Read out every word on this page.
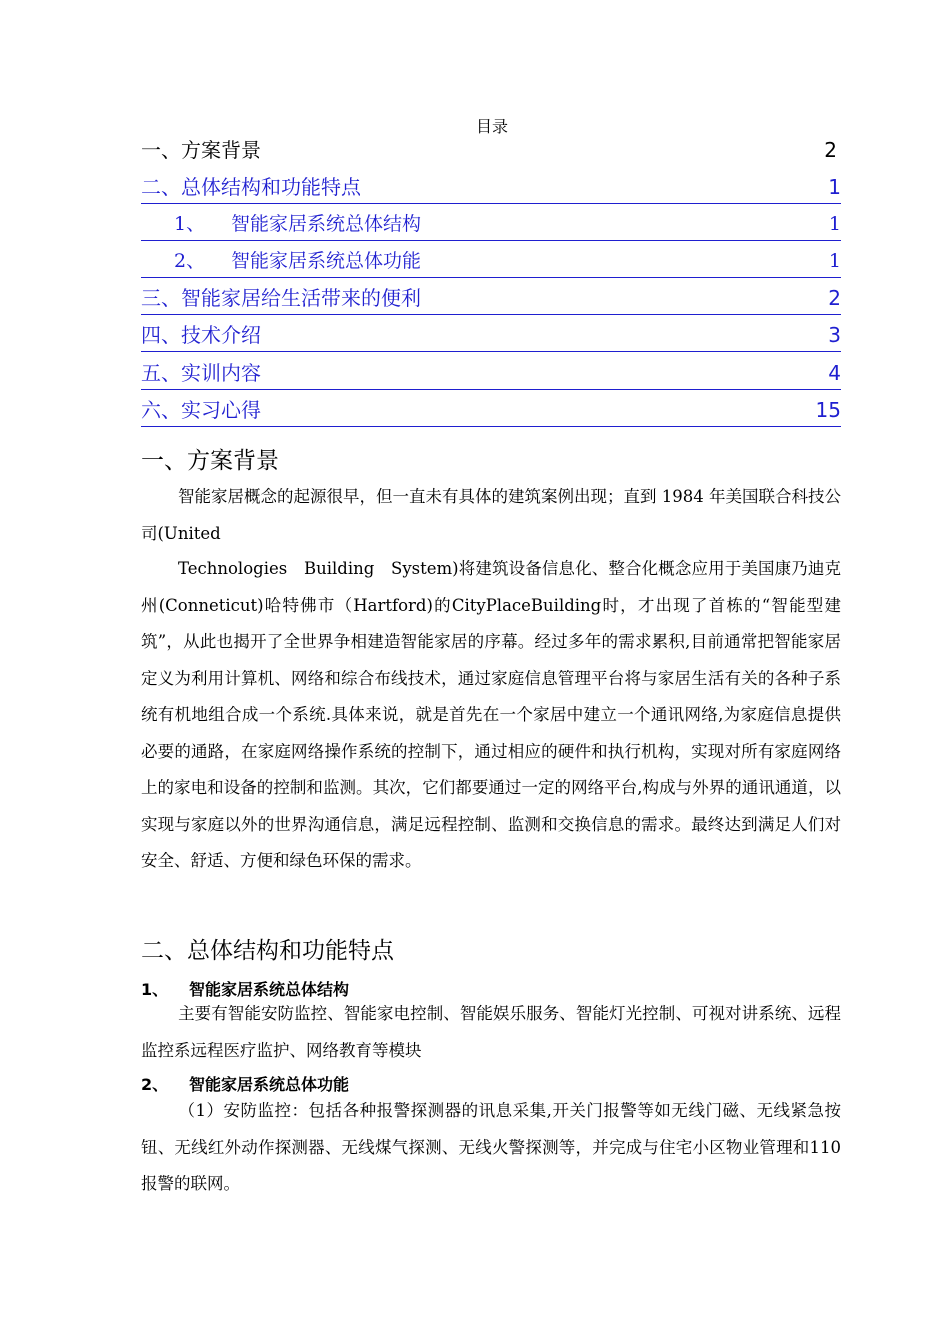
目录
一、方案背景	2
二、总体结构和功能特点	1
1、 智能家居系统总体结构	1
2、 智能家居系统总体功能	1
三、智能家居给生活带来的便利	2
四、技术介绍	3
五、实训内容	4
六、实习心得	15
一、方案背景

智能家居概念的起源很早，但一直未有具体的建筑案例出现；直到 1984 年美国联合科技公司(United

Technologies　Building　System)将建筑设备信息化、整合化概念应用于美国康乃迪克州(Conneticut)哈特佛市（Hartford)的CityPlaceBuilding时，才出现了首栋的“智能型建筑”，从此也揭开了全世界争相建造智能家居的序幕。经过多年的需求累积,目前通常把智能家居定义为利用计算机、网络和综合布线技术，通过家庭信息管理平台将与家居生活有关的各种子系统有机地组合成一个系统.具体来说，就是首先在一个家居中建立一个通讯网络,为家庭信息提供必要的通路，在家庭网络操作系统的控制下，通过相应的硬件和执行机构，实现对所有家庭网络上的家电和设备的控制和监测。其次，它们都要通过一定的网络平台,构成与外界的通讯通道，以实现与家庭以外的世界沟通信息，满足远程控制、监测和交换信息的需求。最终达到满足人们对安全、舒适、方便和绿色环保的需求。

二、总体结构和功能特点
1、 智能家居系统总体结构

主要有智能安防监控、智能家电控制、智能娱乐服务、智能灯光控制、可视对讲系统、远程监控系远程医疗监护、网络教育等模块

2、 智能家居系统总体功能

（1）安防监控：包括各种报警探测器的讯息采集,开关门报警等如无线门磁、无线紧急按钮、无线红外动作探测器、无线煤气探测、无线火警探测等，并完成与住宅小区物业管理和110报警的联网。
